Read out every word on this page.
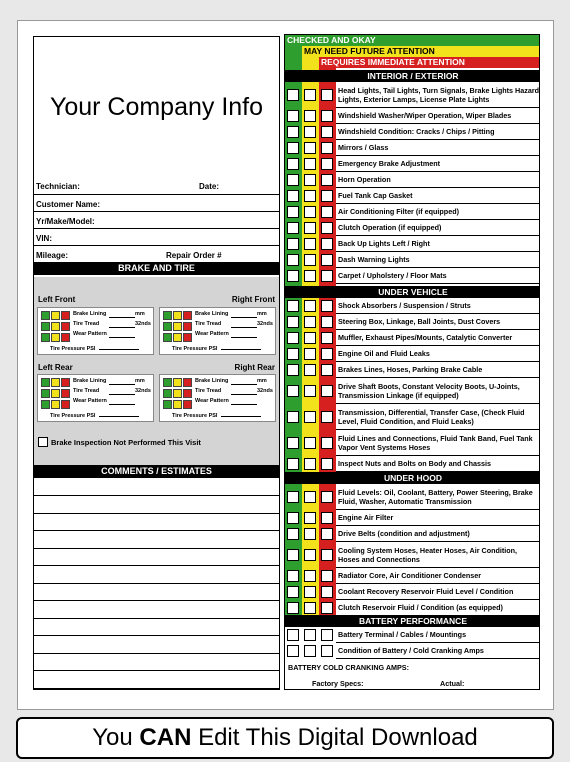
Your Company Info
Technician:	Date:
Customer Name:
Yr/Make/Model:
VIN:
Mileage:	Repair Order #
BRAKE AND TIRE
Left Front	Right Front
Brake Lining	mm
Tire Tread	32nds
Wear Pattern
Tire Pressure PSI
Brake Lining	mm
Tire Tread	32nds
Wear Pattern
Tire Pressure PSI
Left Rear	Right Rear
Brake Lining	mm
Tire Tread	32nds
Wear Pattern
Tire Pressure PSI
Brake Lining	mm
Tire Tread	32nds
Wear Pattern
Tire Pressure PSI
Brake Inspection Not Performed This Visit
COMMENTS / ESTIMATES
CHECKED AND OKAY
MAY NEED FUTURE ATTENTION
REQUIRES IMMEDIATE ATTENTION
INTERIOR / EXTERIOR
Head Lights, Tail Lights, Turn Signals, Brake Lights Hazard Lights, Exterior Lamps, License Plate Lights
Windshield Washer/Wiper Operation, Wiper Blades
Windshield Condition: Cracks / Chips / Pitting
Mirrors / Glass
Emergency Brake Adjustment
Horn Operation
Fuel Tank Cap Gasket
Air Conditioning Filter (if equipped)
Clutch Operation (if equipped)
Back Up Lights Left / Right
Dash Warning Lights
Carpet / Upholstery / Floor Mats
UNDER VEHICLE
Shock Absorbers / Suspension / Struts
Steering Box, Linkage, Ball Joints, Dust Covers
Muffler, Exhaust Pipes/Mounts, Catalytic Converter
Engine Oil and Fluid Leaks
Brakes Lines, Hoses, Parking Brake Cable
Drive Shaft Boots, Constant Velocity Boots, U-Joints, Transmission Linkage (if equipped)
Transmission, Differential, Transfer Case, (Check Fluid Level, Fluid Condition, and Fluid Leaks)
Fluid Lines and Connections, Fluid Tank Band, Fuel Tank Vapor Vent Systems Hoses
Inspect Nuts and Bolts on Body and Chassis
UNDER HOOD
Fluid Levels: Oil, Coolant, Battery, Power Steering, Brake Fluid, Washer, Automatic Transmission
Engine Air Filter
Drive Belts (condition and adjustment)
Cooling System Hoses, Heater Hoses, Air Condition, Hoses and Connections
Radiator Core, Air Conditioner Condenser
Coolant Recovery Reservoir Fluid Level / Condition
Clutch Reservoir Fluid / Condition (as equipped)
BATTERY PERFORMANCE
Battery Terminal / Cables / Mountings
Condition of Battery / Cold Cranking Amps
BATTERY COLD CRANKING AMPS:
Factory Specs:	Actual:
You CAN Edit This Digital Download
